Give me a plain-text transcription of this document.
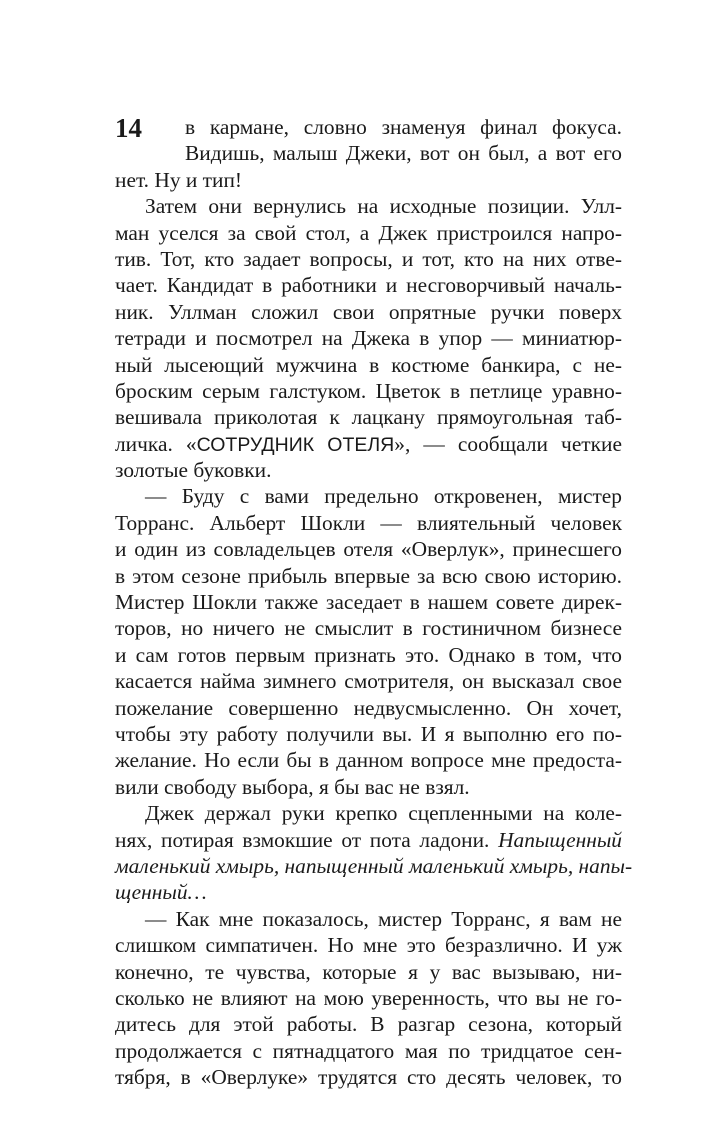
14	в кармане, словно знаменуя финал фокуса.
Видишь, малыш Джеки, вот он был, а вот его
нет. Ну и тип!
Затем они вернулись на исходные позиции. Улл-
ман уселся за свой стол, а Джек пристроился напро-
тив. Тот, кто задает вопросы, и тот, кто на них отве-
чает. Кандидат в работники и несговорчивый началь-
ник. Уллман сложил свои опрятные ручки поверх
тетради и посмотрел на Джека в упор — миниатюр-
ный лысеющий мужчина в костюме банкира, с не-
броским серым галстуком. Цветок в петлице уравно-
вешивала приколотая к лацкану прямоугольная таб-
личка. «СОТРУДНИК ОТЕЛЯ», — сообщали четкие
золотые буковки.
— Буду с вами предельно откровенен, мистер
Торранс. Альберт Шокли — влиятельный человек
и один из совладельцев отеля «Оверлук», принесшего
в этом сезоне прибыль впервые за всю свою историю.
Мистер Шокли также заседает в нашем совете дирек-
торов, но ничего не смыслит в гостиничном бизнесе
и сам готов первым признать это. Однако в том, что
касается найма зимнего смотрителя, он высказал свое
пожелание совершенно недвусмысленно. Он хочет,
чтобы эту работу получили вы. И я выполню его по-
желание. Но если бы в данном вопросе мне предоста-
вили свободу выбора, я бы вас не взял.
Джек держал руки крепко сцепленными на коле-
нях, потирая взмокшие от пота ладони. Напыщенный
маленький хмырь, напыщенный маленький хмырь, напы-
щенный…
— Как мне показалось, мистер Торранс, я вам не
слишком симпатичен. Но мне это безразлично. И уж
конечно, те чувства, которые я у вас вызываю, ни-
сколько не влияют на мою уверенность, что вы не го-
дитесь для этой работы. В разгар сезона, который
продолжается с пятнадцатого мая по тридцатое сен-
тября, в «Оверлуке» трудятся сто десять человек, то
